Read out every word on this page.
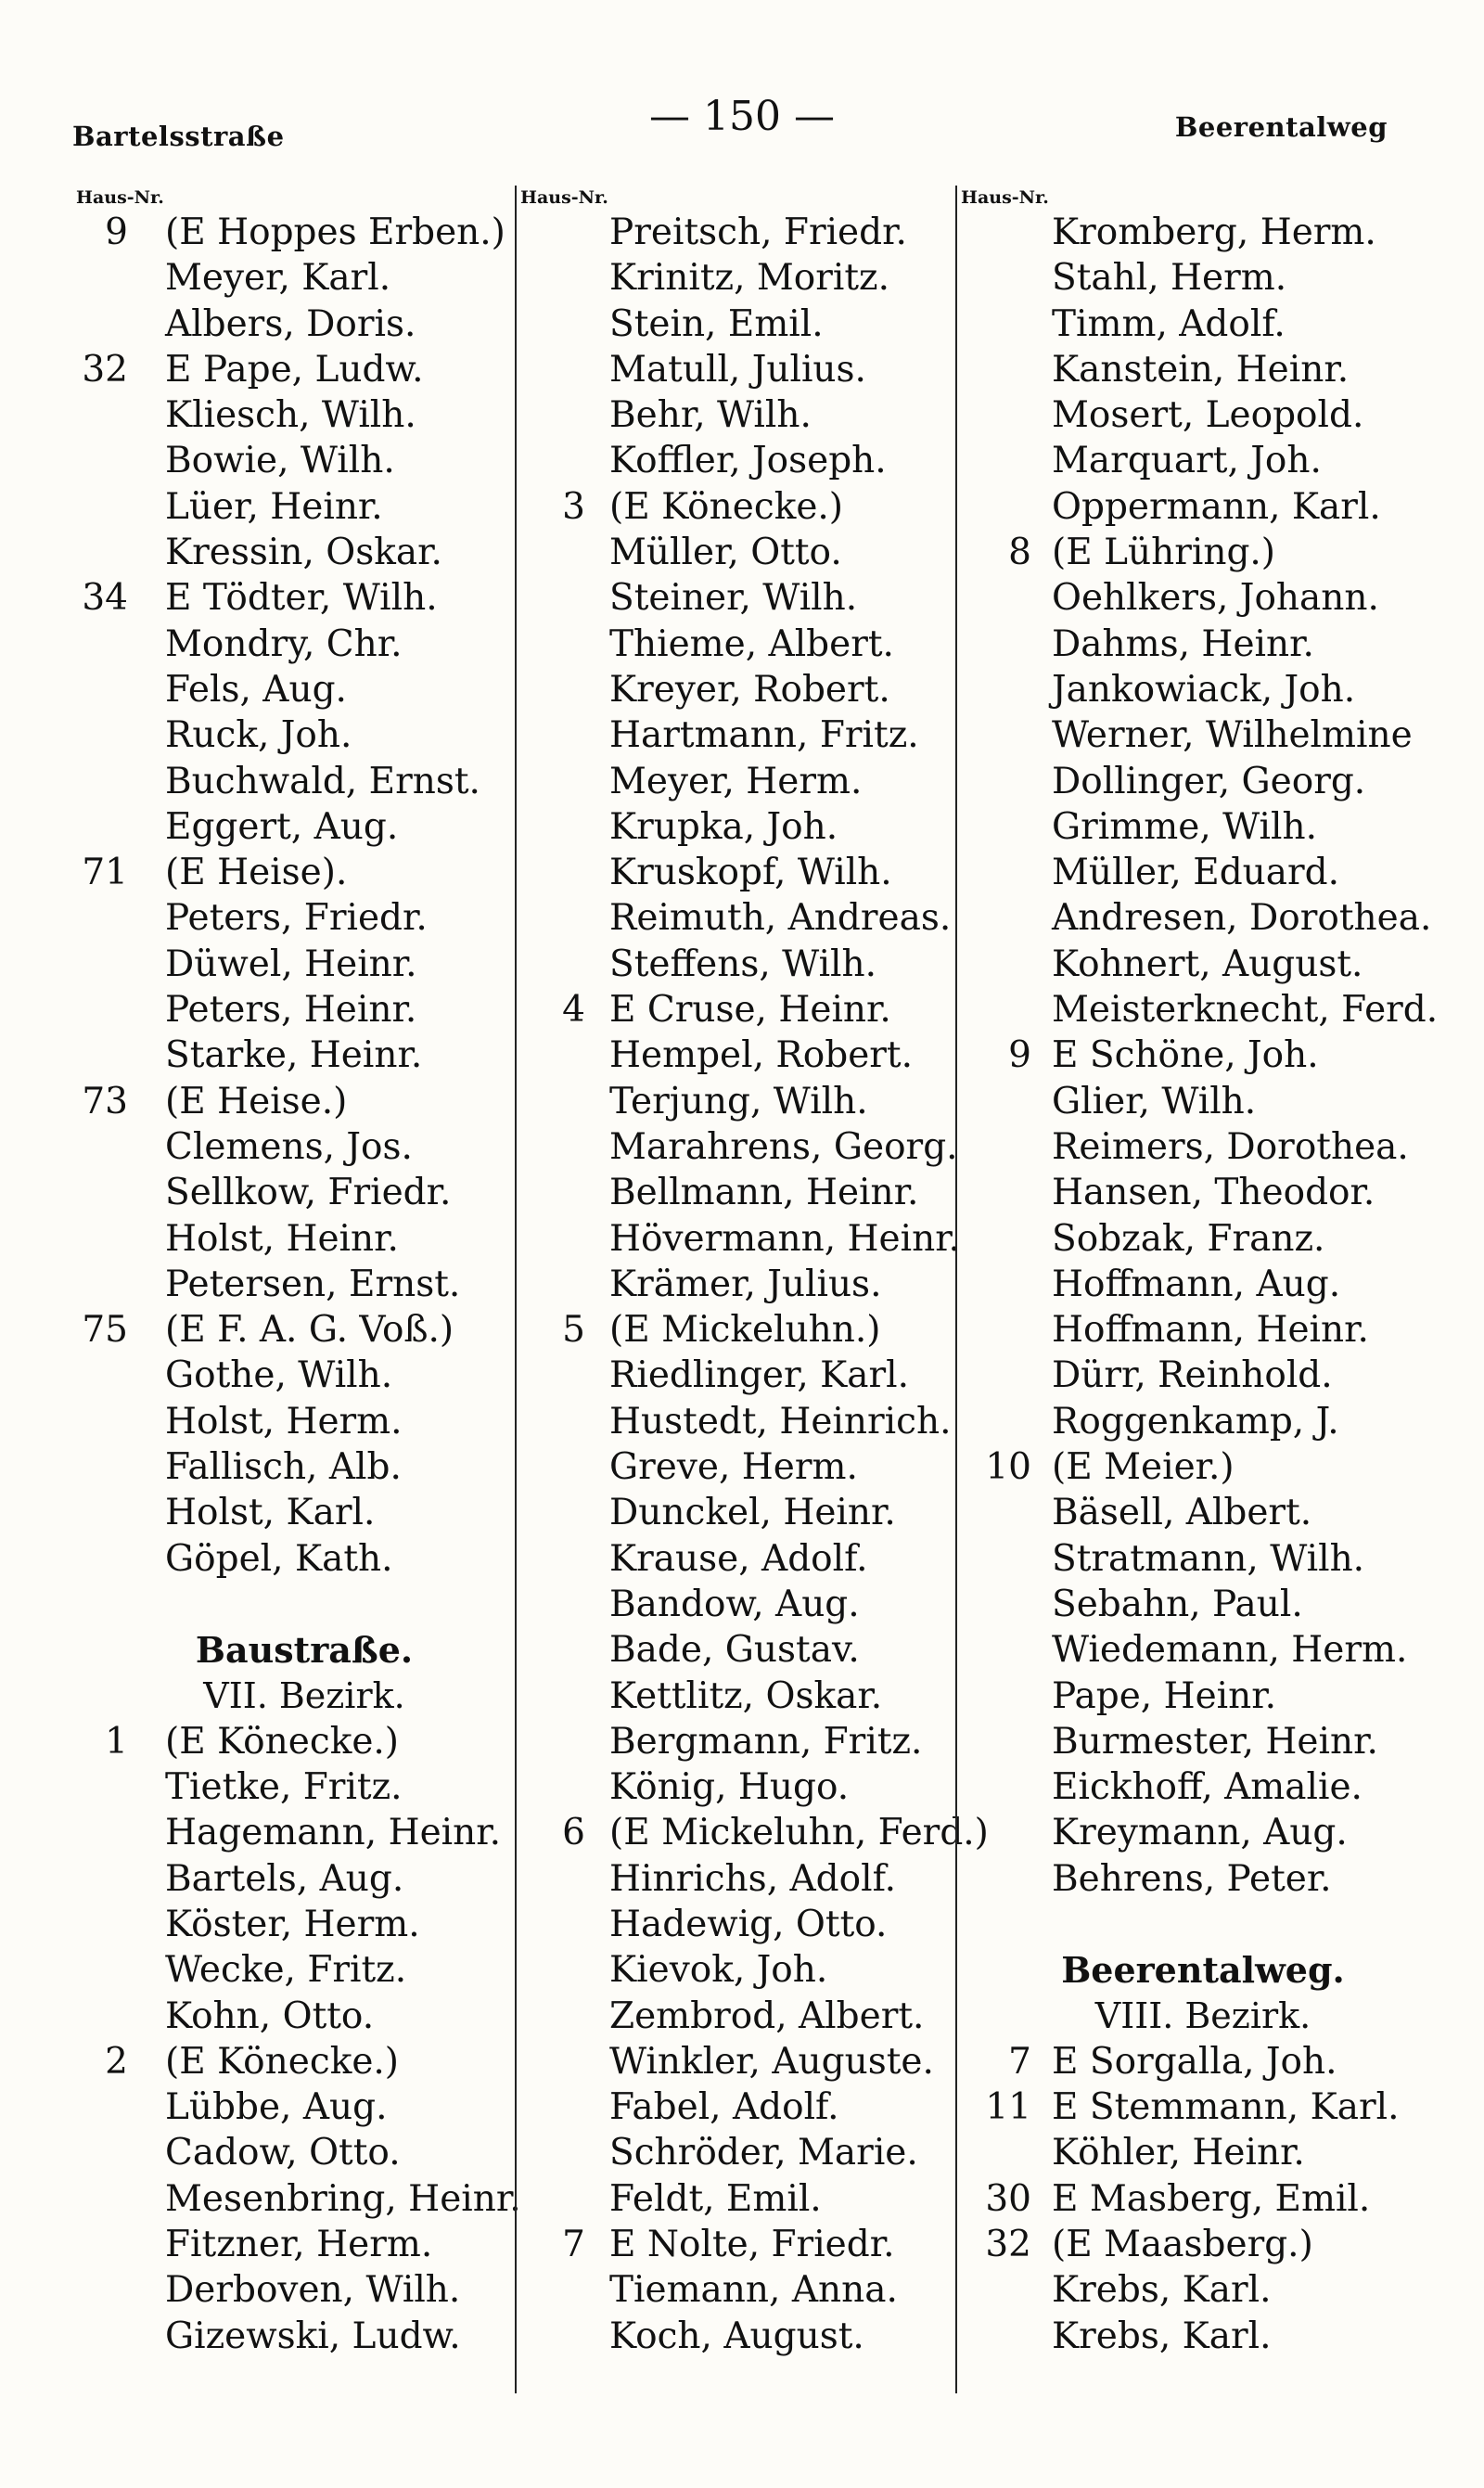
Bartelsstraße	— 150 —	Beerentalweg
Haus-Nr.
9 (E Hoppes Erben.)
Meyer, Karl.
Albers, Doris.
32 E Pape, Ludw.
Kliesch, Wilh.
Bowie, Wilh.
Lüer, Heinr.
Kressin, Oskar.
34 E Tödter, Wilh.
Mondry, Chr.
Fels, Aug.
Ruck, Joh.
Buchwald, Ernst.
Eggert, Aug.
71 (E Heise).
Peters, Friedr.
Düwel, Heinr.
Peters, Heinr.
Starke, Heinr.
73 (E Heise.)
Clemens, Jos.
Sellkow, Friedr.
Holst, Heinr.
Petersen, Ernst.
75 (E F. A. G. Voß.)
Gothe, Wilh.
Holst, Herm.
Fallisch, Alb.
Holst, Karl.
Göpel, Kath.
Baustraße.
VII. Bezirk.
1 (E Könecke.)
Tietke, Fritz.
Hagemann, Heinr.
Bartels, Aug.
Köster, Herm.
Wecke, Fritz.
Kohn, Otto.
2 (E Könecke.)
Lübbe, Aug.
Cadow, Otto.
Mesenbring, Heinr.
Fitzner, Herm.
Derboven, Wilh.
Gizewski, Ludw.
Haus-Nr.
Preitsch, Friedr.
Krinitz, Moritz.
Stein, Emil.
Matull, Julius.
Behr, Wilh.
Koffler, Joseph.
3 (E Könecke.)
Müller, Otto.
Steiner, Wilh.
Thieme, Albert.
Kreyer, Robert.
Hartmann, Fritz.
Meyer, Herm.
Krupka, Joh.
Kruskopf, Wilh.
Reimuth, Andreas.
Steffens, Wilh.
4 E Cruse, Heinr.
Hempel, Robert.
Terjung, Wilh.
Marahrens, Georg.
Bellmann, Heinr.
Hövermann, Heinr.
Krämer, Julius.
5 (E Mickeluhn.)
Riedlinger, Karl.
Hustedt, Heinrich.
Greve, Herm.
Dunckel, Heinr.
Krause, Adolf.
Bandow, Aug.
Bade, Gustav.
Kettlitz, Oskar.
Bergmann, Fritz.
König, Hugo.
6 (E Mickeluhn, Ferd.)
Hinrichs, Adolf.
Hadewig, Otto.
Kievok, Joh.
Zembrod, Albert.
Winkler, Auguste.
Fabel, Adolf.
Schröder, Marie.
Feldt, Emil.
7 E Nolte, Friedr.
Tiemann, Anna.
Koch, August.
Haus-Nr.
Kromberg, Herm.
Stahl, Herm.
Timm, Adolf.
Kanstein, Heinr.
Mosert, Leopold.
Marquart, Joh.
Oppermann, Karl.
8 (E Lühring.)
Oehlkers, Johann.
Dahms, Heinr.
Jankowiack, Joh.
Werner, Wilhelmine
Dollinger, Georg.
Grimme, Wilh.
Müller, Eduard.
Andresen, Dorothea.
Kohnert, August.
Meisterknecht, Ferd.
9 E Schöne, Joh.
Glier, Wilh.
Reimers, Dorothea.
Hansen, Theodor.
Sobzak, Franz.
Hoffmann, Aug.
Hoffmann, Heinr.
Dürr, Reinhold.
Roggenkamp, J.
10 (E Meier.)
Bäsell, Albert.
Stratmann, Wilh.
Sebahn, Paul.
Wiedemann, Herm.
Pape, Heinr.
Burmester, Heinr.
Eickhoff, Amalie.
Kreymann, Aug.
Behrens, Peter.
Beerentalweg.
VIII. Bezirk.
7 E Sorgalla, Joh.
11 E Stemmann, Karl.
Köhler, Heinr.
30 E Masberg, Emil.
32 (E Maasberg.)
Krebs, Karl.
Krebs, Karl.
